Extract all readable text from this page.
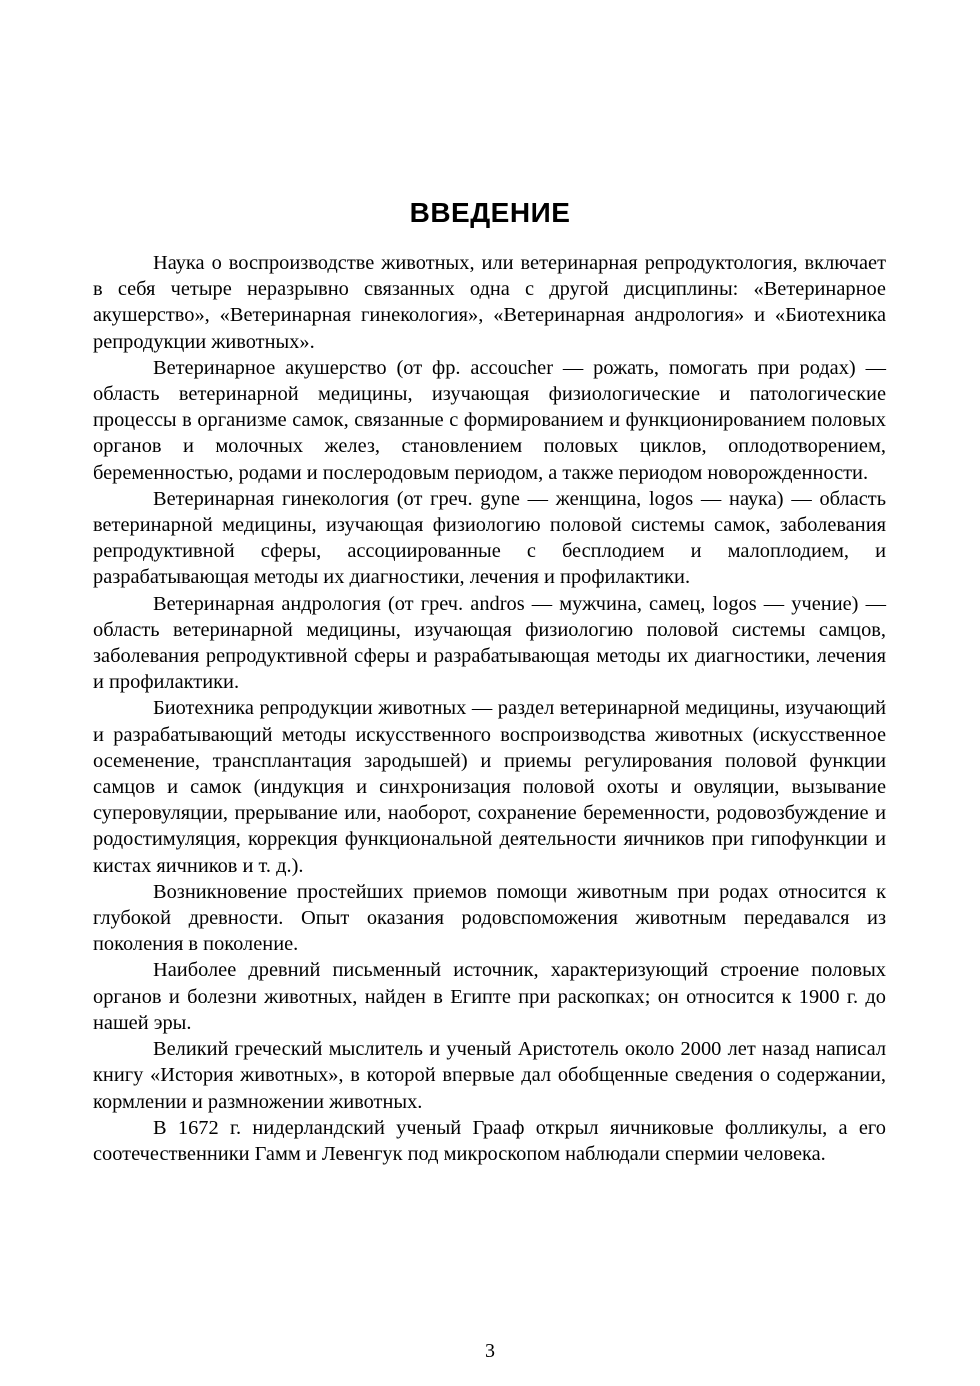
ВВЕДЕНИЕ

Наука о воспроизводстве животных, или ветеринарная репродуктология, включает в себя четыре неразрывно связанных одна с другой дисциплины: «Ветеринарное акушерство», «Ветеринарная гинекология», «Ветеринарная андрология» и «Биотехника репродукции животных».

Ветеринарное акушерство (от фр. accoucher — рожать, помогать при родах) — область ветеринарной медицины, изучающая физиологические и патологические процессы в организме самок, связанные с формированием и функционированием половых органов и молочных желез, становлением половых циклов, оплодотворением, беременностью, родами и послеродовым периодом, а также периодом новорожденности.

Ветеринарная гинекология (от греч. gyne — женщина, logos — наука) — область ветеринарной медицины, изучающая физиологию половой системы самок, заболевания репродуктивной сферы, ассоциированные с бесплодием и малоплодием, и разрабатывающая методы их диагностики, лечения и профилактики.

Ветеринарная андрология (от греч. andros — мужчина, самец, logos — учение) — область ветеринарной медицины, изучающая физиологию половой системы самцов, заболевания репродуктивной сферы и разрабатывающая методы их диагностики, лечения и профилактики.

Биотехника репродукции животных — раздел ветеринарной медицины, изучающий и разрабатывающий методы искусственного воспроизводства животных (искусственное осеменение, трансплантация зародышей) и приемы регулирования половой функции самцов и самок (индукция и синхронизация половой охоты и овуляции, вызывание суперовуляции, прерывание или, наоборот, сохранение беременности, родовозбуждение и родостимуляция, коррекция функциональной деятельности яичников при гипофункции и кистах яичников и т. д.).

Возникновение простейших приемов помощи животным при родах относится к глубокой древности. Опыт оказания родовспоможения животным передавался из поколения в поколение.

Наиболее древний письменный источник, характеризующий строение половых органов и болезни животных, найден в Египте при раскопках; он относится к 1900 г. до нашей эры.

Великий греческий мыслитель и ученый Аристотель около 2000 лет назад написал книгу «История животных», в которой впервые дал обобщенные сведения о содержании, кормлении и размножении животных.

В 1672 г. нидерландский ученый Грааф открыл яичниковые фолликулы, а его соотечественники Гамм и Левенгук под микроскопом наблюдали спермии человека.

3
